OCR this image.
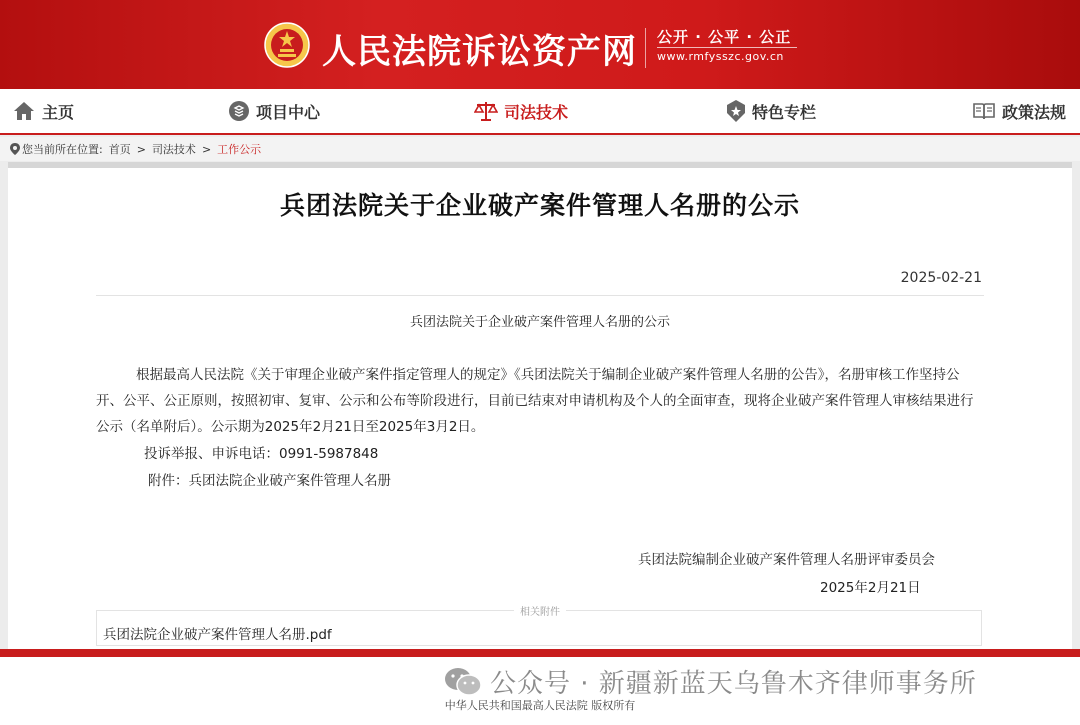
人民法院诉讼资产网 公开 · 公平 · 公正
www.rmfysszc.gov.cn
主页	项目中心	司法技术	特色专栏	政策法规
您当前所在位置: 首页 > 司法技术 > 工作公示
兵团法院关于企业破产案件管理人名册的公示
2025-02-21
兵团法院关于企业破产案件管理人名册的公示
根据最高人民法院《关于审理企业破产案件指定管理人的规定》《兵团法院关于编制企业破产案件管理人名册的公告》，名册审核工作坚持公开、公平、公正原则，按照初审、复审、公示和公布等阶段进行，目前已结束对申请机构及个人的全面审查，现将企业破产案件管理人审核结果进行公示（名单附后）。公示期为2025年2月21日至2025年3月2日。
投诉举报、申诉电话：0991-5987848
附件：兵团法院企业破产案件管理人名册
兵团法院编制企业破产案件管理人名册评审委员会
2025年2月21日
相关附件
兵团法院企业破产案件管理人名册.pdf
公众号 · 新疆新蓝天乌鲁木齐律师事务所
中华人民共和国最高人民法院 版权所有
